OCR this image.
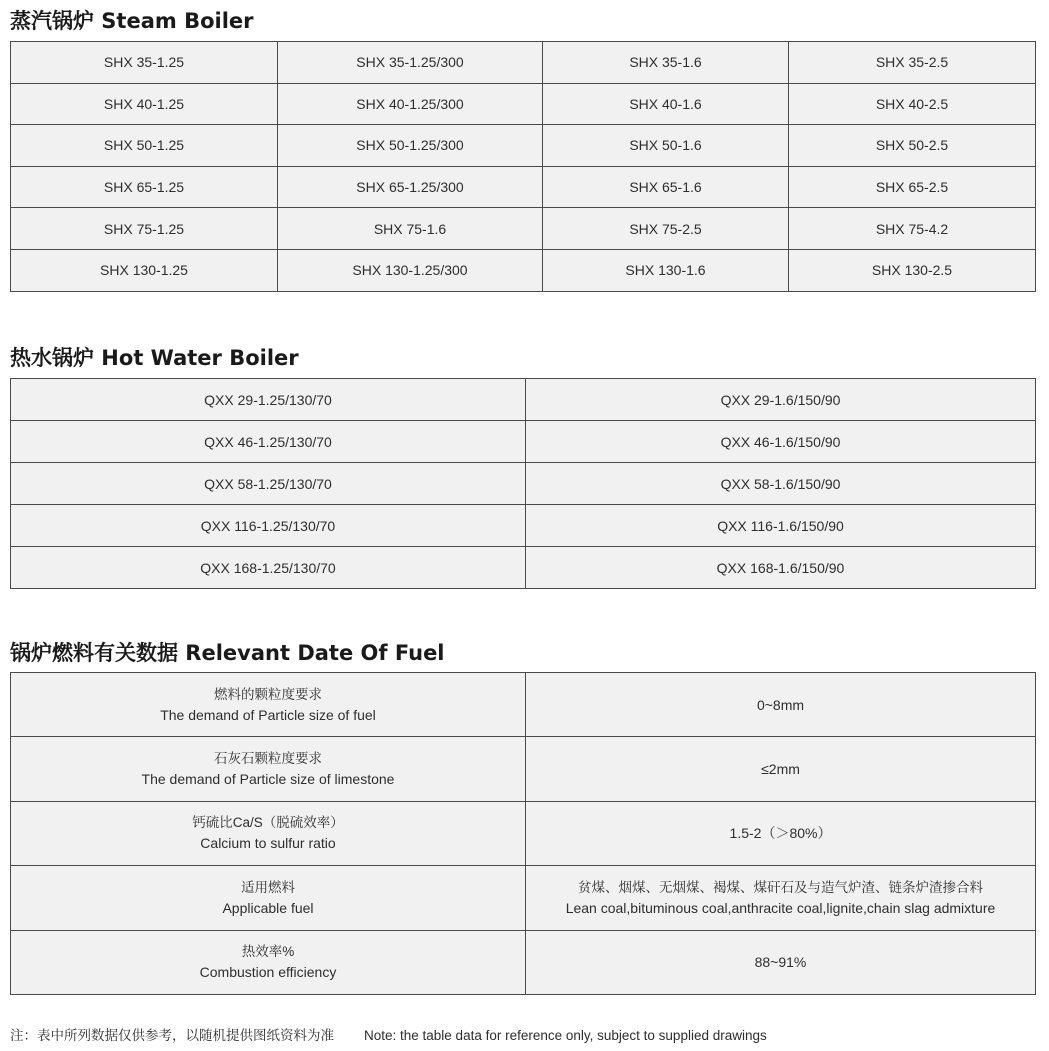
蒸汽锅炉 Steam Boiler
SHX 35-1.25	SHX 35-1.25/300	SHX 35-1.6	SHX 35-2.5
SHX 40-1.25	SHX 40-1.25/300	SHX 40-1.6	SHX 40-2.5
SHX 50-1.25	SHX 50-1.25/300	SHX 50-1.6	SHX 50-2.5
SHX 65-1.25	SHX 65-1.25/300	SHX 65-1.6	SHX 65-2.5
SHX 75-1.25	SHX 75-1.6	SHX 75-2.5	SHX 75-4.2
SHX 130-1.25	SHX 130-1.25/300	SHX 130-1.6	SHX 130-2.5
热水锅炉 Hot Water Boiler
QXX 29-1.25/130/70	QXX 29-1.6/150/90
QXX 46-1.25/130/70	QXX 46-1.6/150/90
QXX 58-1.25/130/70	QXX 58-1.6/150/90
QXX 116-1.25/130/70	QXX 116-1.6/150/90
QXX 168-1.25/130/70	QXX 168-1.6/150/90
锅炉燃料有关数据 Relevant Date Of Fuel
燃料的颗粒度要求
The demand of Particle size of fuel	0~8mm

石灰石颗粒度要求
The demand of Particle size of limestone	≤2mm

钙硫比Ca/S（脱硫效率）
Calcium to sulfur ratio	1.5-2（＞80%）

适用燃料
Applicable fuel	贫煤、烟煤、无烟煤、褐煤、煤矸石及与造气炉渣、链条炉渣掺合料
Lean coal,bituminous coal,anthracite coal,lignite,chain slag admixture

热效率%
Combustion efficiency	88~91%
注：表中所列数据仅供参考，以随机提供图纸资料为准 Note: the table data for reference only, subject to supplied drawings
